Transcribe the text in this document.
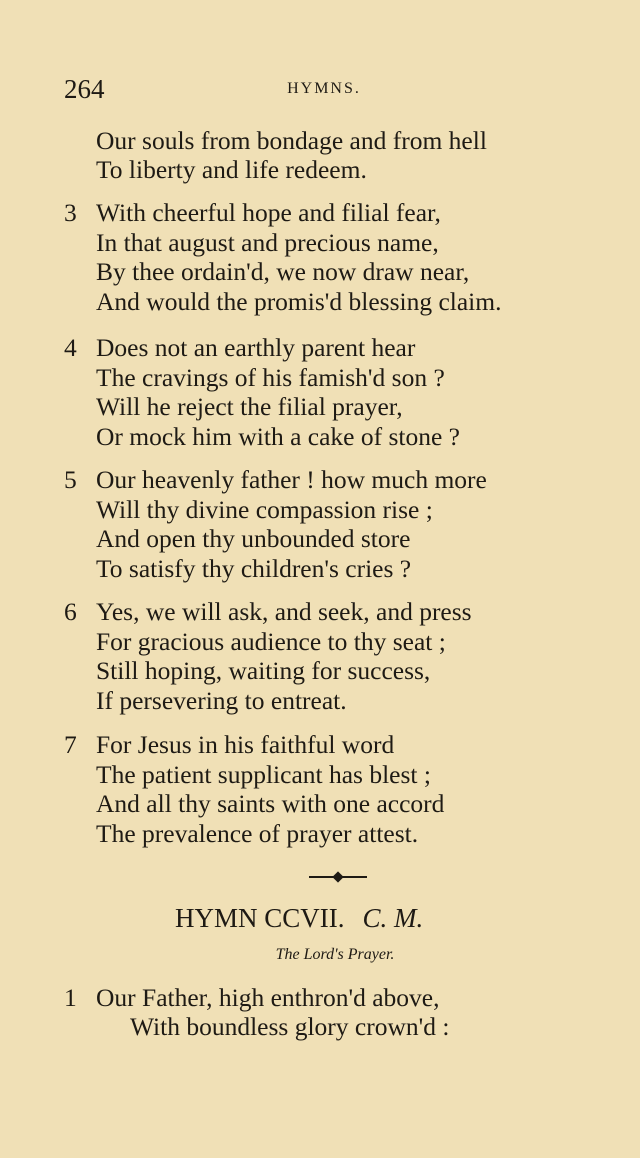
264	HYMNS.
Our souls from bondage and from hell
To liberty and life redeem.
3 With cheerful hope and filial fear,
In that august and precious name,
By thee ordain'd, we now draw near,
And would the promis'd blessing claim.
4 Does not an earthly parent hear
The cravings of his famish'd son ?
Will he reject the filial prayer,
Or mock him with a cake of stone ?
5 Our heavenly father ! how much more
Will thy divine compassion rise ;
And open thy unbounded store
To satisfy thy children's cries ?
6 Yes, we will ask, and seek, and press
For gracious audience to thy seat ;
Still hoping, waiting for success,
If persevering to entreat.
7 For Jesus in his faithful word
The patient supplicant has blest ;
And all thy saints with one accord
The prevalence of prayer attest.
1 Our Father, high enthron'd above,
With boundless glory crown'd :
HYMN CCVII. C. M.
The Lord's Prayer.
